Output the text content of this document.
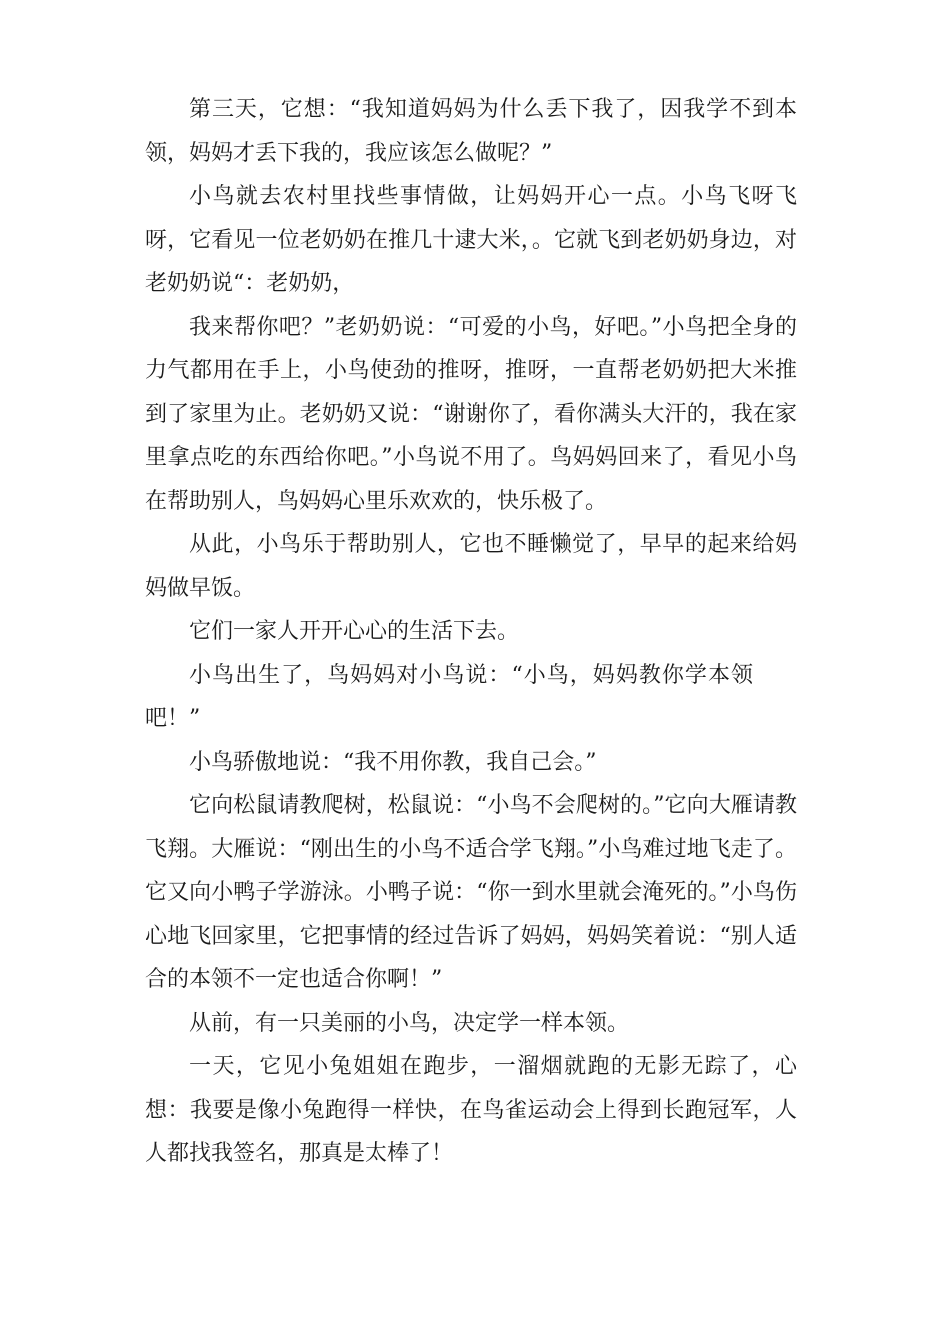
第三天，它想：“我知道妈妈为什么丢下我了，因我学不到本领，妈妈才丢下我的，我应该怎么做呢？”

小鸟就去农村里找些事情做，让妈妈开心一点。小鸟飞呀飞呀，它看见一位老奶奶在推几十逮大米，。它就飞到老奶奶身边，对老奶奶说“：老奶奶，

我来帮你吧？”老奶奶说：“可爱的小鸟，好吧。”小鸟把全身的力气都用在手上，小鸟使劲的推呀，推呀，一直帮老奶奶把大米推到了家里为止。老奶奶又说：“谢谢你了，看你满头大汗的，我在家里拿点吃的东西给你吧。”小鸟说不用了。鸟妈妈回来了，看见小鸟在帮助别人，鸟妈妈心里乐欢欢的，快乐极了。

从此，小鸟乐于帮助别人，它也不睡懒觉了，早早的起来给妈妈做早饭。

它们一家人开开心心的生活下去。

小鸟出生了，鸟妈妈对小鸟说：“小鸟，妈妈教你学本领吧！”

小鸟骄傲地说：“我不用你教，我自己会。”

它向松鼠请教爬树，松鼠说：“小鸟不会爬树的。”它向大雁请教飞翔。大雁说：“刚出生的小鸟不适合学飞翔。”小鸟难过地飞走了。它又向小鸭子学游泳。小鸭子说：“你一到水里就会淹死的。”小鸟伤心地飞回家里，它把事情的经过告诉了妈妈，妈妈笑着说：“别人适合的本领不一定也适合你啊！”

从前，有一只美丽的小鸟，决定学一样本领。

一天，它见小兔姐姐在跑步，一溜烟就跑的无影无踪了，心想：我要是像小兔跑得一样快，在鸟雀运动会上得到长跑冠军，人人都找我签名，那真是太棒了！
